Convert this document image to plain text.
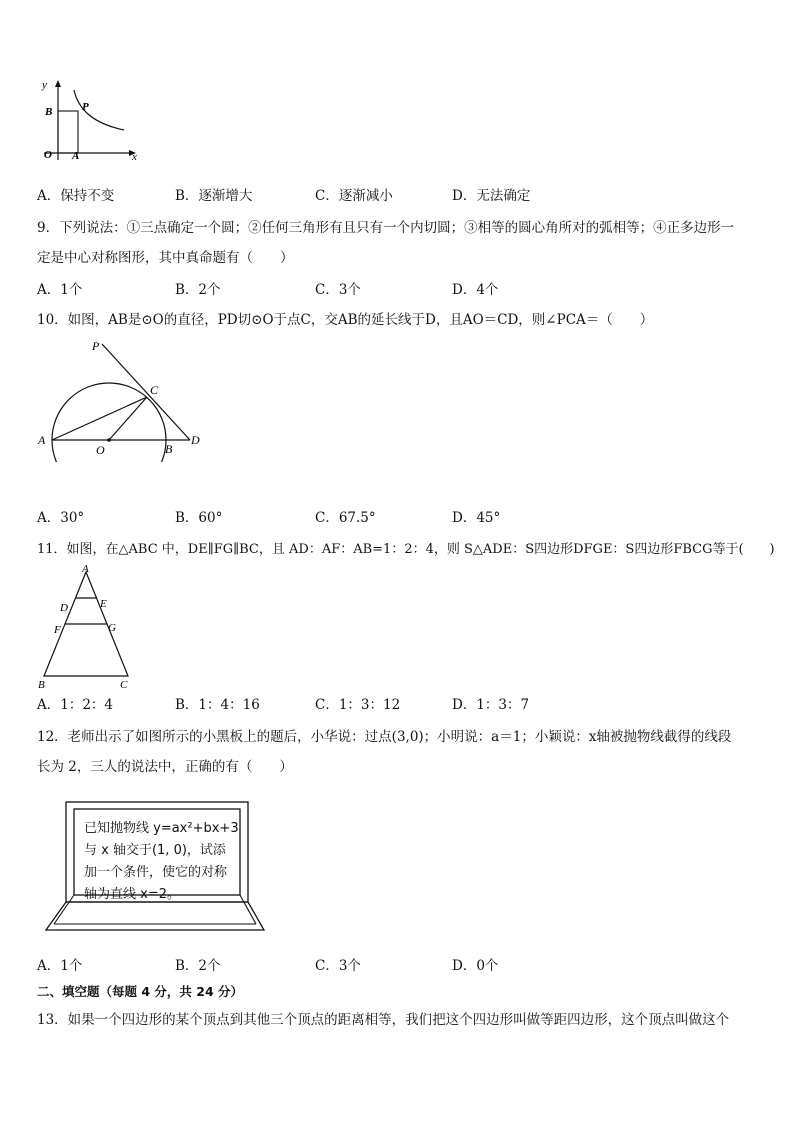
y
x
O A
B	P
A．保持不变	B．逐渐增大	C．逐渐减小	D．无法确定
9．下列说法：①三点确定一个圆；②任何三角形有且只有一个内切圆；③相等的圆心角所对的弧相等；④正多边形一
定是中心对称图形，其中真命题有（　　）
A．1个	B．2个	C．3个	D．4个
10．如图，AB是⊙O的直径，PD切⊙O于点C，交AB的延长线于D，且AO＝CD，则∠PCA＝（　　）
P
C
A
O	B
D
A．30°	B．60°	C．67.5°	D．45°
11．如图，在△ABC 中，DE∥FG∥BC，且 AD：AF：AB=1：2：4，则 S△ADE：S四边形DFGE：S四边形FBCG等于(　　)
A
D	E
F	G
B	C
A．1：2：4	B．1：4：16	C．1：3：12	D．1：3：7
12．老师出示了如图所示的小黑板上的题后，小华说：过点(3,0)；小明说：a＝1；小颖说：x轴被抛物线截得的线段
长为 2，三人的说法中，正确的有（　　）
已知抛物线 y=ax²+bx+3
与 x 轴交于(1, 0)，试添
加一个条件，使它的对称
轴为直线 x=2。
A．1个	B．2个	C．3个	D．0个
二、填空题（每题 4 分，共 24 分）
13．如果一个四边形的某个顶点到其他三个顶点的距离相等，我们把这个四边形叫做等距四边形，这个顶点叫做这个
